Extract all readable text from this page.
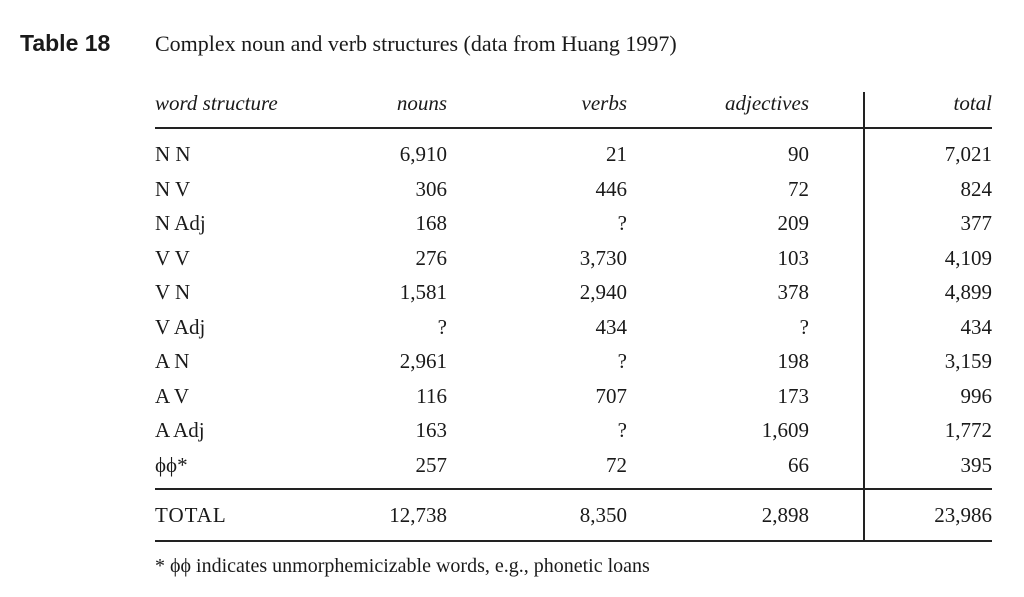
Table 18 Complex noun and verb structures (data from Huang 1997)
word structure	nouns	verbs	adjectives	total
N N	6,910	21	90	7,021
N V	306	446	72	824
N Adj	168	?	209	377
V V	276	3,730	103	4,109
V N	1,581	2,940	378	4,899
V Adj	?	434	?	434
A N	2,961	?	198	3,159
A V	116	707	173	996
A Adj	163	?	1,609	1,772
ϕϕ*	257	72	66	395
TOTAL	12,738	8,350	2,898	23,986
* ϕϕ indicates unmorphemicizable words, e.g., phonetic loans
